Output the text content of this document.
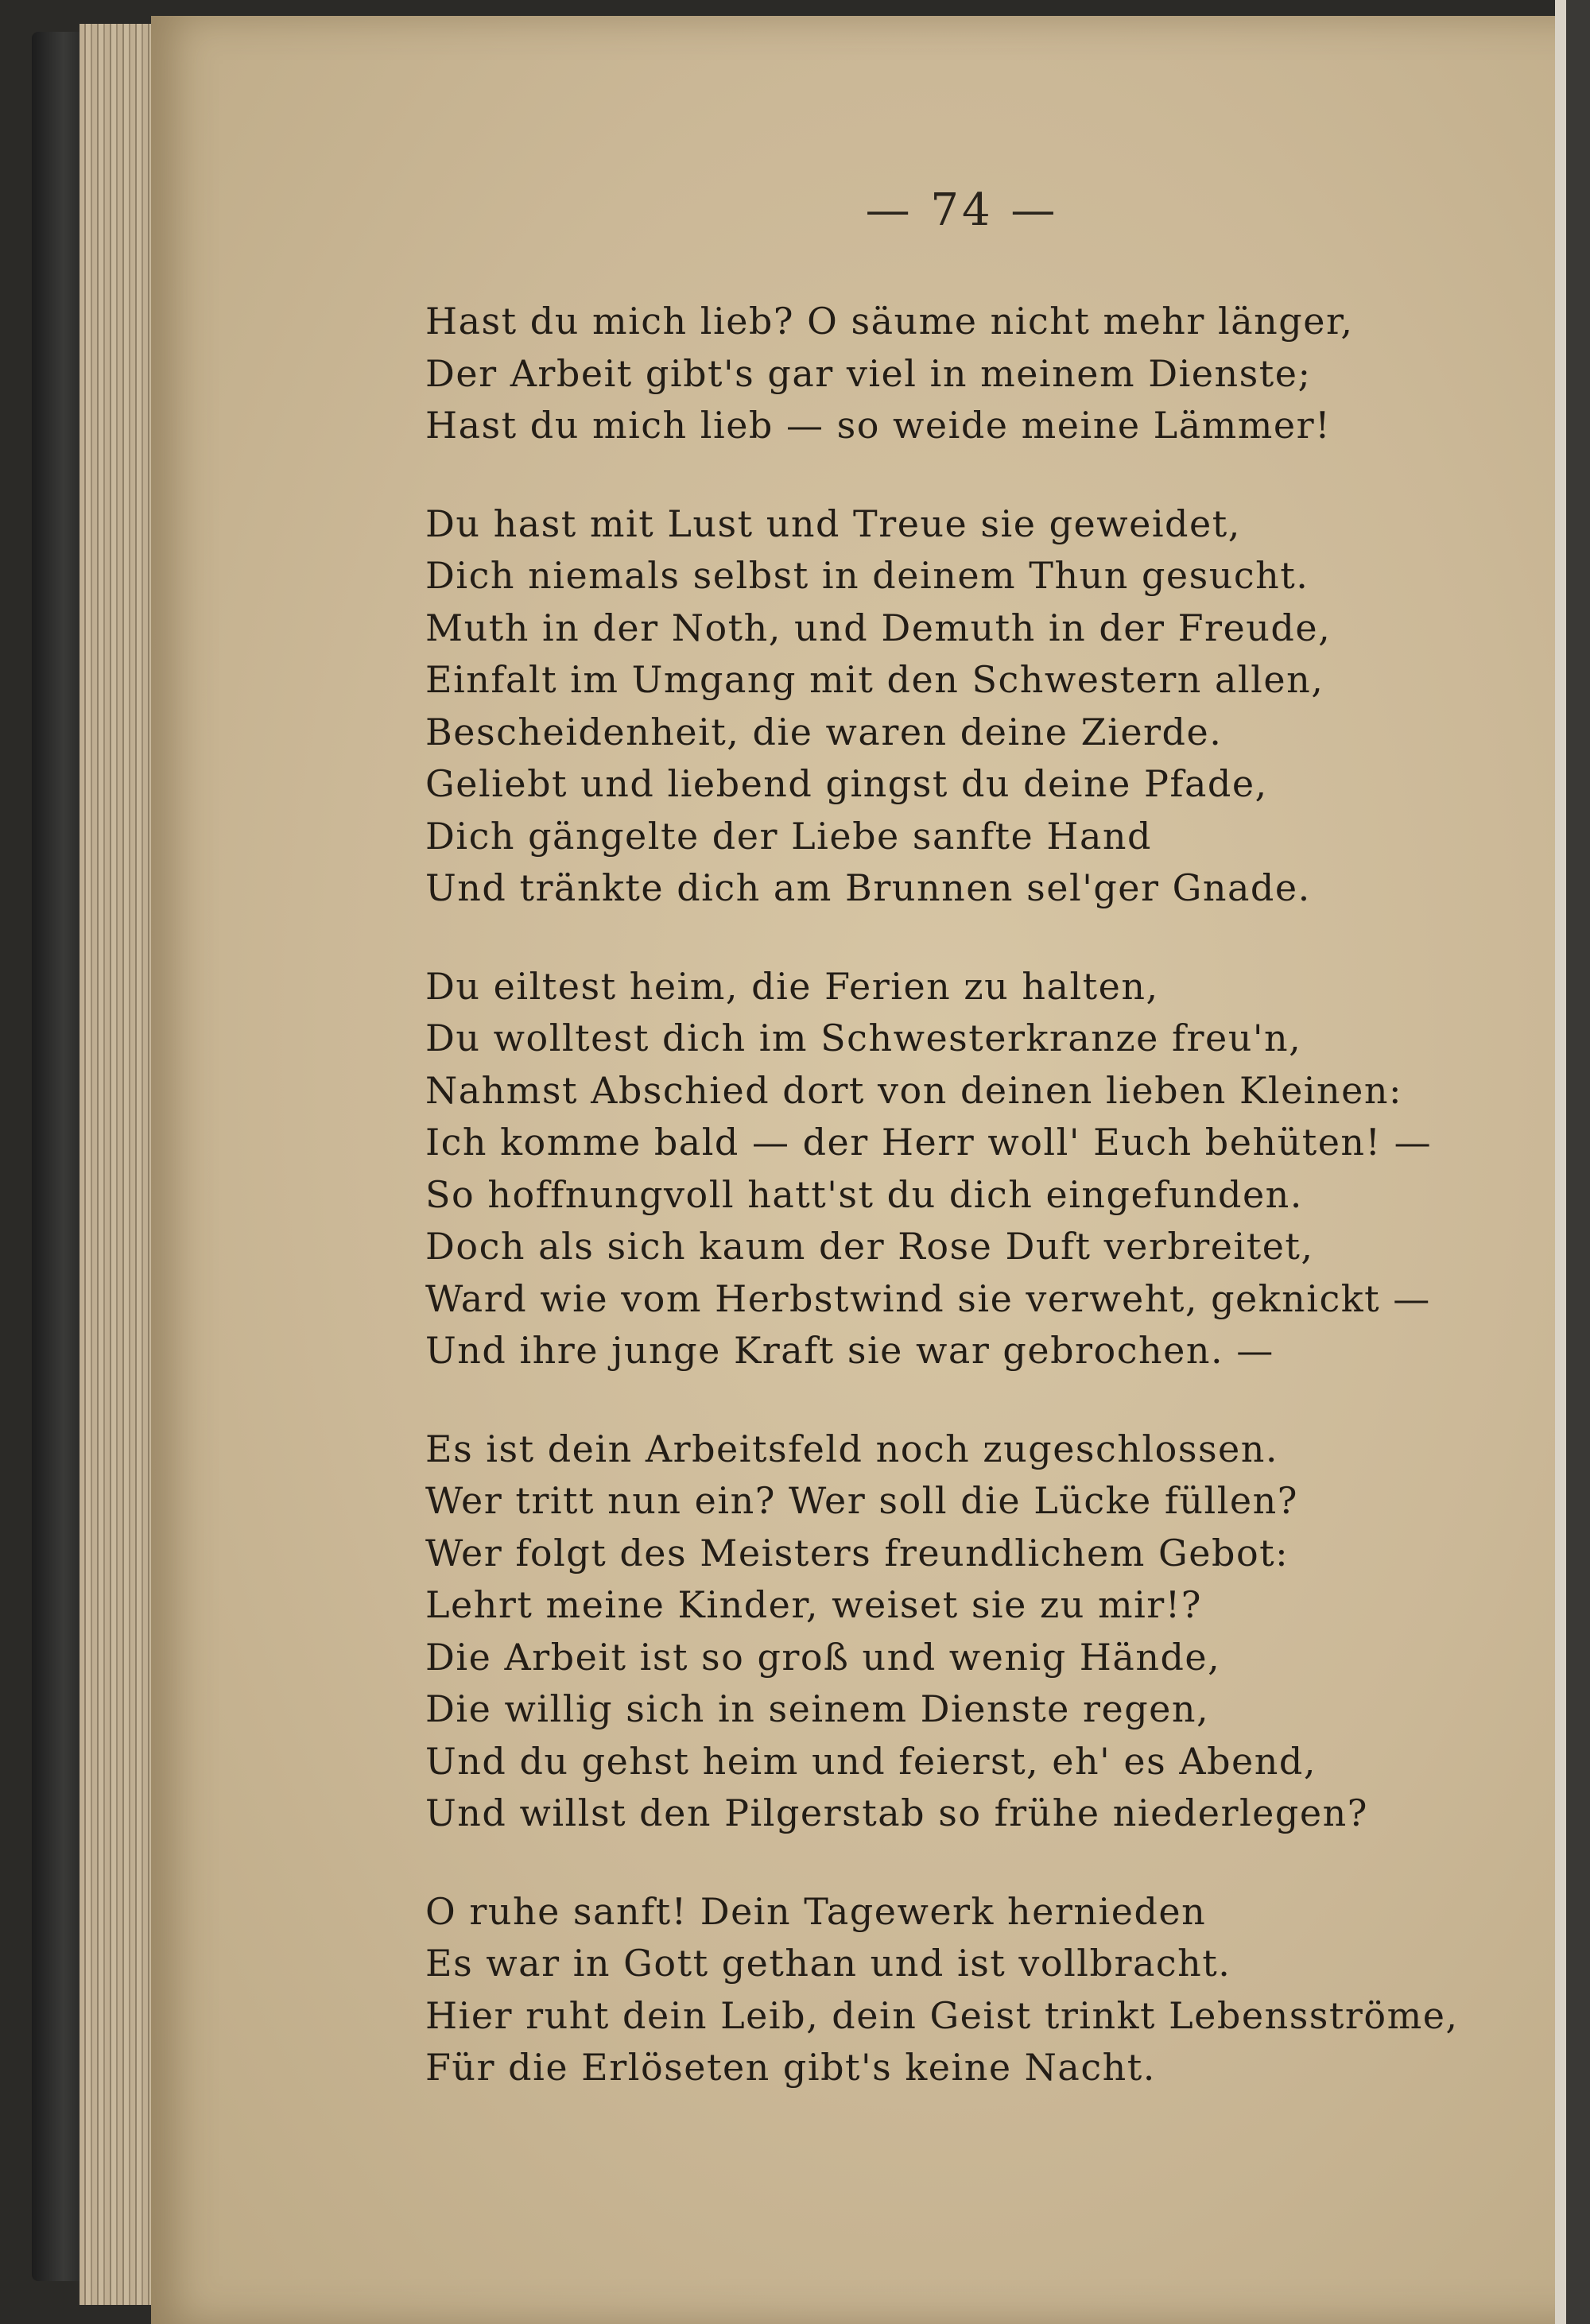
— 74 —
Hast du mich lieb? O säume nicht mehr länger,
Der Arbeit gibt's gar viel in meinem Dienste;
Hast du mich lieb — so weide meine Lämmer!
Du hast mit Lust und Treue sie geweidet,
Dich niemals selbst in deinem Thun gesucht.
Muth in der Noth, und Demuth in der Freude,
Einfalt im Umgang mit den Schwestern allen,
Bescheidenheit, die waren deine Zierde.
Geliebt und liebend gingst du deine Pfade,
Dich gängelte der Liebe sanfte Hand
Und tränkte dich am Brunnen sel'ger Gnade.
Du eiltest heim, die Ferien zu halten,
Du wolltest dich im Schwesterkranze freu'n,
Nahmst Abschied dort von deinen lieben Kleinen:
Ich komme bald — der Herr woll' Euch behüten! —
So hoffnungvoll hatt'st du dich eingefunden.
Doch als sich kaum der Rose Duft verbreitet,
Ward wie vom Herbstwind sie verweht, geknickt —
Und ihre junge Kraft sie war gebrochen. —
Es ist dein Arbeitsfeld noch zugeschlossen.
Wer tritt nun ein? Wer soll die Lücke füllen?
Wer folgt des Meisters freundlichem Gebot:
Lehrt meine Kinder, weiset sie zu mir!?
Die Arbeit ist so groß und wenig Hände,
Die willig sich in seinem Dienste regen,
Und du gehst heim und feierst, eh' es Abend,
Und willst den Pilgerstab so frühe niederlegen?
O ruhe sanft! Dein Tagewerk hernieden
Es war in Gott gethan und ist vollbracht.
Hier ruht dein Leib, dein Geist trinkt Lebensströme,
Für die Erlöseten gibt's keine Nacht.
